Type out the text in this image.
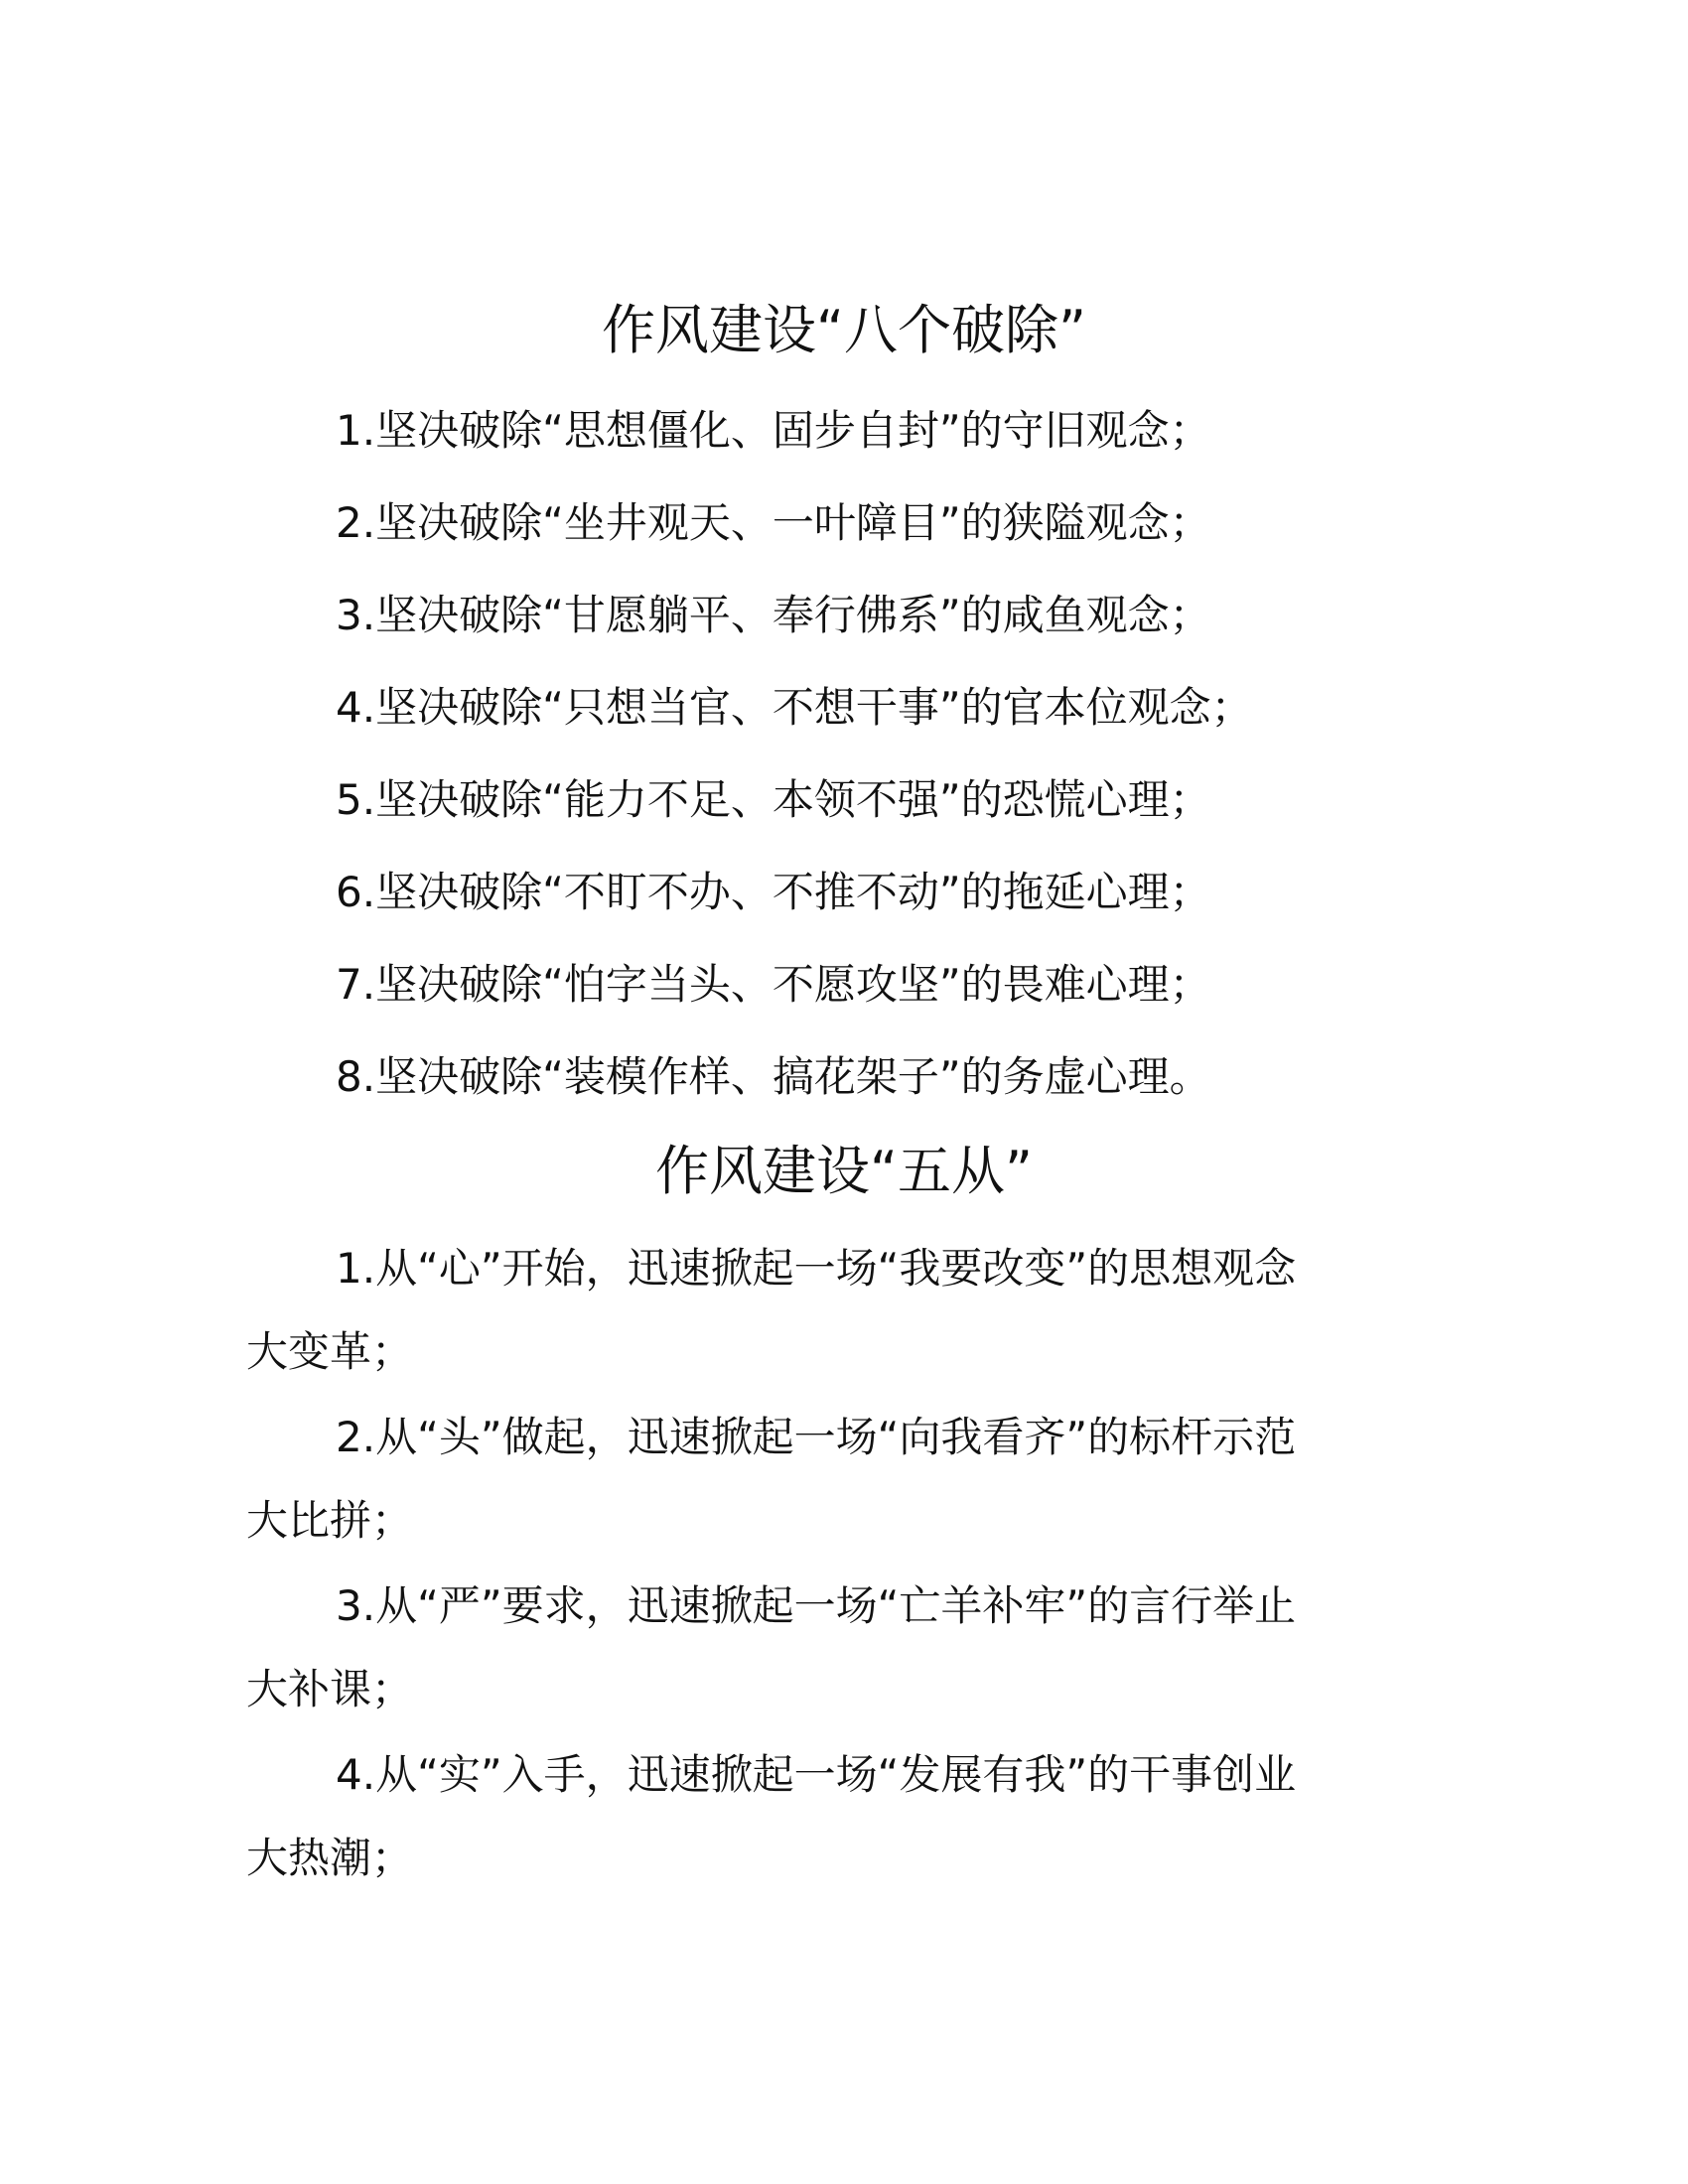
作风建设“八个破除”

1.坚决破除“思想僵化、固步自封”的守旧观念；

2.坚决破除“坐井观天、一叶障目”的狭隘观念；

3.坚决破除“甘愿躺平、奉行佛系”的咸鱼观念；

4.坚决破除“只想当官、不想干事”的官本位观念；

5.坚决破除“能力不足、本领不强”的恐慌心理；

6.坚决破除“不盯不办、不推不动”的拖延心理；

7.坚决破除“怕字当头、不愿攻坚”的畏难心理；

8.坚决破除“装模作样、搞花架子”的务虚心理。

作风建设“五从”
1.从“心”开始，迅速掀起一场“我要改变”的思想观念
大变革；
2.从“头”做起，迅速掀起一场“向我看齐”的标杆示范
大比拼；
3.从“严”要求，迅速掀起一场“亡羊补牢”的言行举止
大补课；
4.从“实”入手，迅速掀起一场“发展有我”的干事创业
大热潮；
